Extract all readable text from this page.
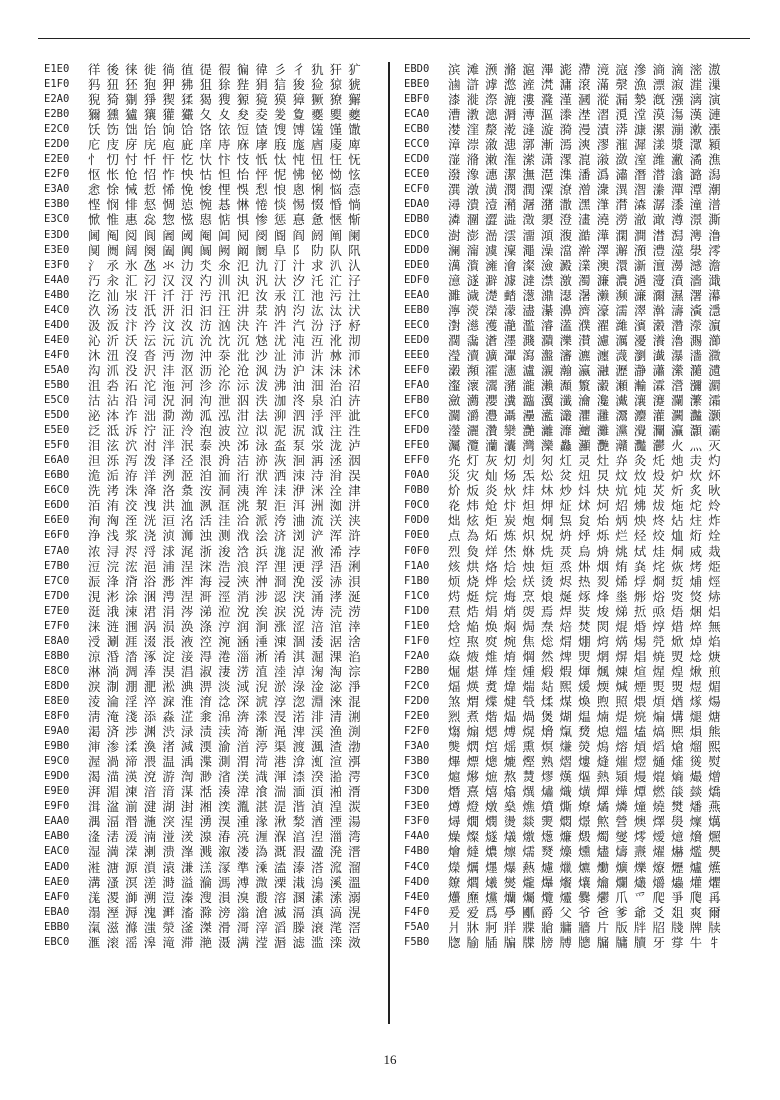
E1E0	徉後徕徙徜徝徥徦徧徫彡彳犰犴犷
E1F0	犸狃狉狍狎狒狙狳狴狷狺狻猃猄猇
E2A0	猊猗猘猙猰猱猲獀獂獍獏獐獗獠獬
E2B0	獮獯獹獽獾玁夂夊夋夌夎夐夒夓夔
E2C0	饫饬饳饴饷饸饹饻饾馇馊馎馐馑馓
E2D0	庀庋庌庑庖庛庠庤庥庨庪庬庮庱庳
E2E0	忄忉忖忏忓忔忕忭忮忯忲忳忸忹怃
E2F0	怄怅怆怊怍怏怙怛怡怦怩怫怭怮怰
E3A0	悆悇悈悊悕悗悛悝悞悡悢悤悧悩悫
E3B0	悭悯悱惄惆惉惋惎惏惓惔惕惙惛惝
E3C0	惞惟惠惢惣惤惥惦惧惨惩惪惫惬惭
E3D0	阃阄阅阆阇阈阉阊阋阌阍阎阏阐阑
E3E0	阒阓阔阕阖阗阘阙阚阛阜阝阞队阠
E3F0	氵氶氷氹氺氻氼氽氾氿汀汁求汃汄
E4A0	汅汆汇汈汉汊汋汌汍汎汏汐汑汒汓
E4B0	汔汕汖汗汘汙汚汛汜汝汞江池污汢
E4C0	汣汤汥汦汧汨汩汪汫汬汭汮汯汰汱
E4D0	汲汳汴汵汶汷汸汹決汻汼汽汾汿沀
E4E0	沁沂沃沄沅沆沇沈沉沊沋沌沍沎沏
E4F0	沐沑沒沓沔沕沖沗沘沙沚沛沜沝沞
E5A0	沟沠没沢沣沤沥沦沧沨沩沪沫沬沭
E5B0	沮沯沰沱沲河沴沵沶沷沸油沺治沼
E5C0	沽沾沿泀況泂泃泄泅泆泇泈泉泊泋
E5D0	泌泍泎泏泐泑泒泓泔法泖泗泘泙泚
E5E0	泛泜泝泞泟泠泡波泣泤泥泦泧注泩
E5F0	泪泫泬泭泮泯泰泱泲泳泴泵泶泷泸
E6A0	泹泺泻泼泽泾泿洀洁洂洃洄洅洆洇
E6B0	洈洉洊洋洌洍洎洏洐洑洒洓洔洕洖
E6C0	洗洘洙洚洛洜洝洞洟洠洡洢洣洤津
E6D0	洦洧洨洩洪洫洬洭洮洯洰洱洲洳洴
E6E0	洵洶洷洸洹洺活洼洽派洿浀流浂浃
E6F0	浄浅浆浇浈浉浊测浌浍济浏浐浑浒
E7A0	浓浔浕浖浗浘浙浚浛浜浝浞浟浠浡
E7B0	浢浣浤浥浦浧浨浩浪浫浬浭浮浯浰
E7C0	浱浲浳浴浵浶海浸浹浺浻浼浽浾浿
E7D0	涀涁涂涃涄涅涆涇消涉涊涋涌涍涎
E7E0	涏涐涑涒涓涔涕涖涗涘涙涚涛涜涝
E7F0	涞涟涠涡涢涣涤涥润涧涨涩涪涫涬
E8A0	涭涮涯涰涱液涳涴涵涶涷涸涹涺涻
E8B0	涼涽涾涿淀淁淂淃淄淅淆淇淈淉淊
E8C0	淋淌淍淎淏淐淑淒淓淔淕淖淗淘淙
E8D0	淚淛淜淝淞淟淠淡淢淣淤淥淦淧淨
E8E0	淩淪淫淬淭淮淯淰深淲淳淴淵淶混
E8F0	淸淹淺添淼淽淾淿渀渁渂渃渄清渆
E9A0	渇済渉渊渋渌渍渎渏渐渑渒渓渔渕
E9B0	渖渗渘渙渚減渜渝渞渟渠渡渢渣渤
E9C0	渥渦渧渨温渪渫測渭渮港渰渱渲渳
E9D0	渴渵渶渷游渹渺渻渼渽渾渿湀湁湂
E9E0	湃湄湅湆湇湈湉湊湋湌湍湎湏湐湑
E9F0	湒湓湔湕湖湗湘湙湚湛湜湝湞湟湠
EAA0	湡湢湣湤湥湦湧湨湩湪湫湬湭湮湯
EAB0	湰湱湲湳湴湵湶湷湸湹湺湻湼湽湾
EAC0	湿満溁溂溃溄溅溆溇溈溉溊溋溌溍
EAD0	溎溏源溑溒溓溔溕準溗溘溙溚溛溜
EAE0	溝溞溟溠溡溢溣溤溥溦溧溨溩溪溫
EAF0	溬溭溮溯溰溱溲溳溴溵溶溷溸溹溺
EBA0	溻溼溽溾溿滀滁滂滃滄滅滆滇滈滉
EBB0	滊滋滌滍滎滏滐滑滒滓滔滕滖滗滘
EBC0	滙滚滛滜滝滞滟滠满滢滣滤滥滦滧
EBD0	滨滩滪滫滬滭滮滯滰滱滲滳滴滵滶
EBE0	滷滸滹滺滻滼滽滾滿漀漁漂漃漄漅
EBF0	漆漇漈漉漊漋漌漍漎漏漐漑漒漓演
ECA0	漕漖漗漘漙漚漛漜漝漞漟漠漡漢漣
ECB0	漤漥漦漧漨漩漪漫漬漭漮漯漰漱漲
ECC0	漳漴漵漶漷漸漹漺漻漼漽漾漿潀潁
ECD0	潂潃潄潅潆潇潈潉潊潋潌潍潎潏潐
ECE0	潑潒潓潔潕潖潗潘潙潚潛潜潝潞潟
ECF0	潠潡潢潣潤潥潦潧潨潩潪潫潬潭潮
EDA0	潯潰潱潲潳潴潵潶潷潸潹潺潻潼潽
EDB0	潾潿澀澁澂澃澄澅澆澇澈澉澊澋澌
EDC0	澍澎澏澐澑澒澓澔澕澖澗澘澙澚澛
EDD0	澜澝澞澟澠澡澢澣澤澥澦澧澨澩澪
EDE0	澫澬澭澮澯澰澱澲澳澴澵澶澷澸澹
EDF0	澺澻澼澽澾澿激濁濂濃濄濅濆濇濈
EEA0	濉濊濋濌濍濎濏濐濑濒濓濔濕濖濗
EEB0	濘濙濚濛濜濝濞濟濠濡濢濣濤濥濦
EEC0	濧濨濩濪濫濬濭濮濯濰濱濲濳濴濵
EED0	濶濷濸濹濺濻濼濽濾濿瀀瀁瀂瀃瀄
EEE0	瀅瀆瀇瀈瀉瀊瀋瀌瀍瀎瀏瀐瀑瀒瀓
EEF0	瀔瀕瀖瀗瀘瀙瀚瀛瀜瀝瀞瀟瀠瀡瀢
EFA0	瀣瀤瀥瀦瀧瀨瀩瀪瀫瀬瀭瀮瀯瀰瀱
EFB0	瀲瀳瀴瀵瀶瀷瀸瀹瀺瀻瀼瀽瀾瀿灀
EFC0	灁灂灃灄灅灆灇灈灉灊灋灌灍灎灏
EFD0	灐灑灒灓灔灕灖灗灘灙灚灛灜灝灞
EFE0	灟灠灡灢灣灤灥灦灧灨灩灪火灬灭
EFF0	灮灯灰灱灲灳灴灵灶灷灸灹灺灻灼
F0A0	災灾灿炀炁炂炃炄炅炆炇炈炉炊炋
F0B0	炌炍炎炏炐炑炒炓炔炕炖炗炘炙炚
F0C0	炛炜炝炞炟炠炡炢炣炤炥炦炧炨炩
F0D0	炪炫炬炭炮炯炰炱炲炳炴炵炶炷炸
F0E0	点為炻炼炽炾炿烀烁烂烃烄烅烆烇
F0F0	烈烉烊烋烌烍烎烏烐烑烒烓烔烕烖
F1A0	烗烘烙烚烛烜烝烞烟烠烡烢烣烤烥
F1B0	烦烧烨烩烪烫烬热烮烯烰烱烲烳烴
F1C0	烵烶烷烸烹烺烻烼烽烾烿焀焁焂焃
F1D0	焄焅焆焇焈焉焊焋焌焍焎焏焐焑焒
F1E0	焓焔焕焖焗焘焙焚焛焜焝焞焟焠無
F1F0	焢焣焤焥焦焧焨焩焪焫焬焭焮焯焰
F2A0	焱焲焳焴焵然焷焸焹焺焻焼焽焾焿
F2B0	煀煁煂煃煄煅煆煇煈煉煊煋煌煍煎
F2C0	煏煐煑煒煓煔煕煖煗煘煙煚煛煜煝
F2D0	煞煟煠煡煢煣煤煥煦照煨煩煪煫煬
F2E0	煭煮煯煰煱煲煳煴煵煶煷煸煹煺煻
F2F0	煼煽煾煿熀熁熂熃熄熅熆熇熈熉熊
F3A0	熋熌熍熎熏熐熑熒熓熔熕熖熗熘熙
F3B0	熚熛熜熝熞熟熠熡熢熣熤熥熦熧熨
F3C0	熩熪熫熬熭熮熯熰熱熲熳熴熵熶熷
F3D0	熸熹熺熻熼熽熾熿燀燁燂燃燄燅燆
F3E0	燇燈燉燊燋燌燍燎燏燐燑燒燓燔燕
F3F0	燖燗燘燙燚燛燜燝燞營燠燡燢燣燤
F4A0	燥燦燧燨燩燪燫燬燭燮燯燰燱燲燳
F4B0	燴燵燶燷燸燹燺燻燼燽燾燿爀爁爂
F4C0	爃爄爅爆爇爈爉爊爋爌爍爎爏爐爑
F4D0	爒爓爔爕爖爗爘爙爚爛爜爝爞爟爠
F4E0	爡爢爣爤爥爦爧爨爩爪爫爬爭爮爯
F4F0	爰爱爲爳爴爵父爷爸爹爺爻爼爽爾
F5A0	爿牀牁牂牃牄牅牆片版牉牊牋牌牍
F5B0	牎牏牐牑牒牓牔牕牖牗牘牙牚牛牜
16
